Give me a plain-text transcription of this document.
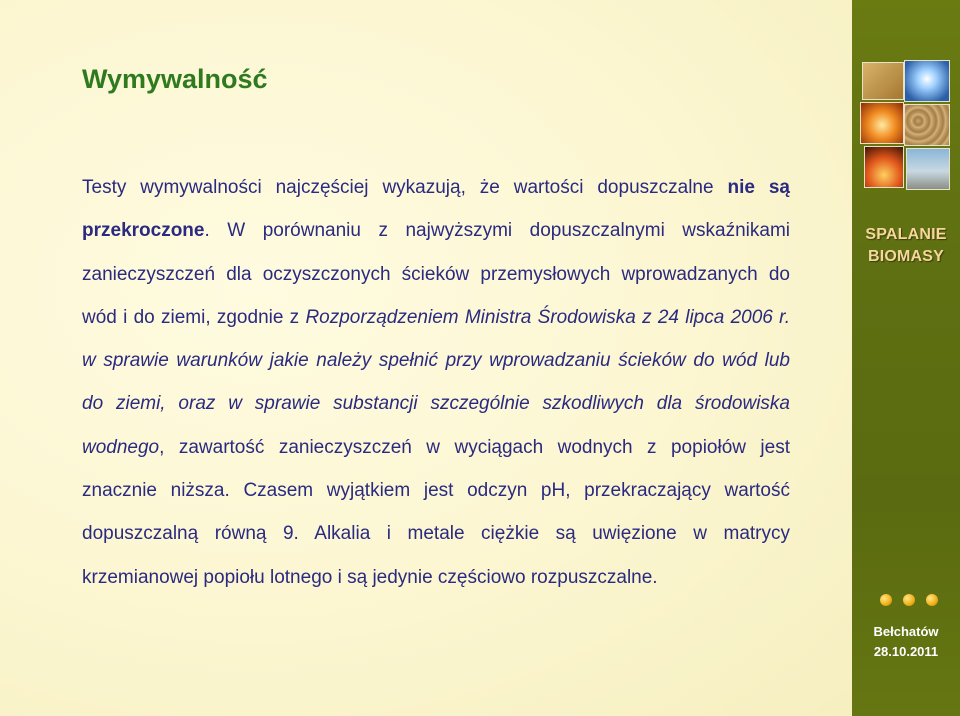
Wymywalność
Testy wymywalności najczęściej wykazują, że wartości dopuszczalne nie są przekroczone. W porównaniu z najwyższymi dopuszczalnymi wskaźnikami zanieczyszczeń dla oczyszczonych ścieków przemysłowych wprowadzanych do wód i do ziemi, zgodnie z Rozporządzeniem Ministra Środowiska z 24 lipca 2006 r. w sprawie warunków jakie należy spełnić przy wprowadzaniu ścieków do wód lub do ziemi, oraz w sprawie substancji szczególnie szkodliwych dla środowiska wodnego, zawartość zanieczyszczeń w wyciągach wodnych z popiołów jest znacznie niższa. Czasem wyjątkiem jest odczyn pH, przekraczający wartość dopuszczalną równą 9. Alkalia i metale ciężkie są uwięzione w matrycy krzemianowej popiołu lotnego i są jedynie częściowo rozpuszczalne.
SPALANIE
BIOMASY
Bełchatów
28.10.2011
